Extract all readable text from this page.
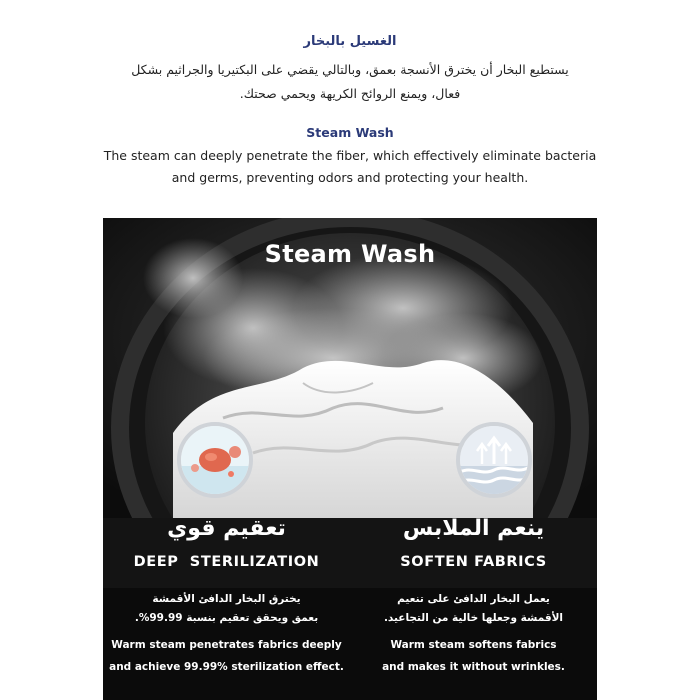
الغسيل بالبخار
يستطيع البخار أن يخترق الأنسجة بعمق، وبالتالي يقضي على البكتيريا والجراثيم بشكل
فعال، ويمنع الروائح الكريهة ويحمي صحتك.
Steam Wash
The steam can deeply penetrate the fiber, which effectively eliminate bacteria
and germs, preventing odors and protecting your health.
Steam Wash
تعقيم قوي
DEEP  STERILIZATION
ينعم الملابس
SOFTEN FABRICS
يخترق البخار الدافئ الأقمشة
بعمق ويحقق تعقيم بنسبة 99.99%.
Warm steam penetrates fabrics deeply
and achieve 99.99% sterilization effect.
يعمل البخار الدافئ على تنعيم
الأقمشة وجعلها خالية من التجاعيد.
Warm steam softens fabrics
and makes it without wrinkles.
